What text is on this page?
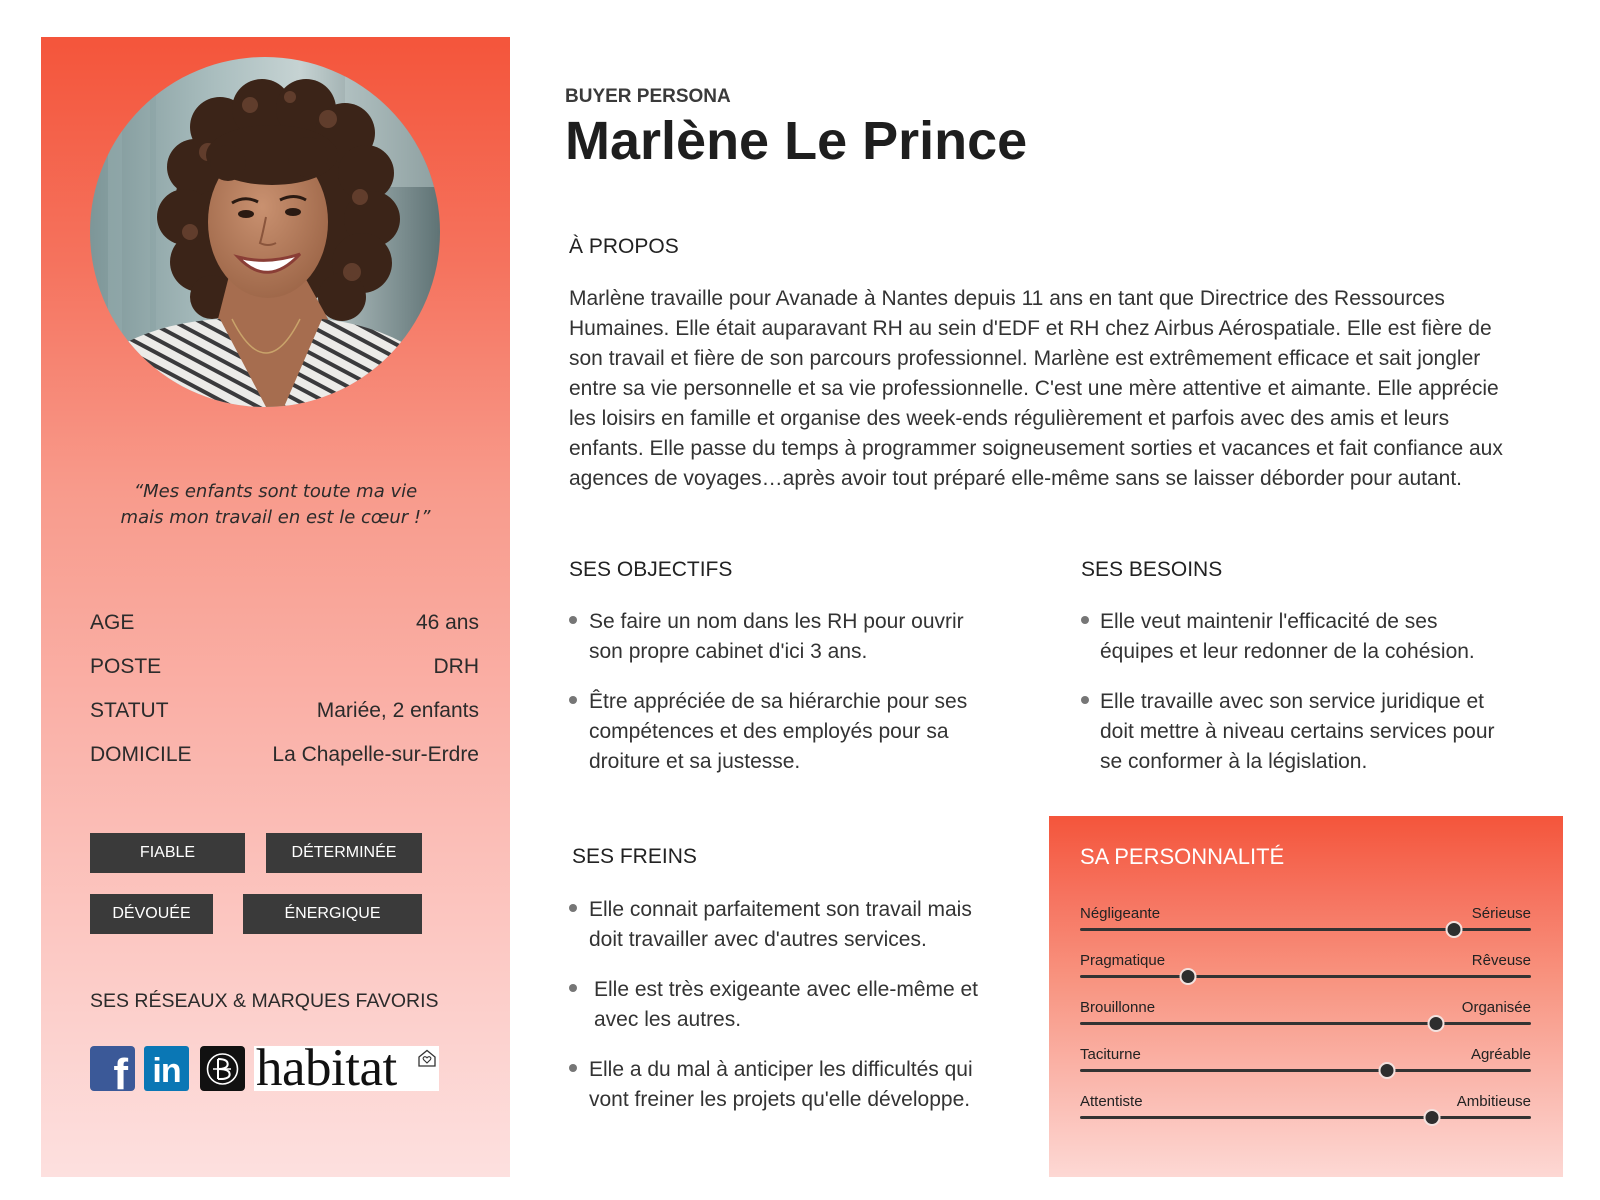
“Mes enfants sont toute ma vie
mais mon travail en est le cœur !”
AGE	46 ans
POSTE	DRH
STATUT	Mariée, 2 enfants
DOMICILE	La Chapelle-sur-Erdre
FIABLE	DÉTERMINÉE
DÉVOUÉE	ÉNERGIQUE
SES RÉSEAUX & MARQUES FAVORIS
f in habitat
BUYER PERSONA
Marlène Le Prince
À PROPOS
Marlène travaille pour Avanade à Nantes depuis 11 ans en tant que Directrice des Ressources
Humaines. Elle était auparavant RH au sein d'EDF et RH chez Airbus Aérospatiale. Elle est fière de
son travail et fière de son parcours professionnel. Marlène est extrêmement efficace et sait jongler
entre sa vie personnelle et sa vie professionnelle. C'est une mère attentive et aimante. Elle apprécie
les loisirs en famille et organise des week-ends régulièrement et parfois avec des amis et leurs
enfants. Elle passe du temps à programmer soigneusement sorties et vacances et fait confiance aux
agences de voyages…après avoir tout préparé elle-même sans se laisser déborder pour autant.
SES OBJECTIFS
Se faire un nom dans les RH pour ouvrir
son propre cabinet d'ici 3 ans.
Être appréciée de sa hiérarchie pour ses
compétences et des employés pour sa
droiture et sa justesse.
SES BESOINS
Elle veut maintenir l'efficacité de ses
équipes et leur redonner de la cohésion.
Elle travaille avec son service juridique et
doit mettre à niveau certains services pour
se conformer à la législation.
SES FREINS
Elle connait parfaitement son travail mais
doit travailler avec d'autres services.
Elle est très exigeante avec elle-même et
avec les autres.
Elle a du mal à anticiper les difficultés qui
vont freiner les projets qu'elle développe.
SA PERSONNALITÉ
Négligeante	Sérieuse
Pragmatique	Rêveuse
Brouillonne	Organisée
Taciturne	Agréable
Attentiste	Ambitieuse
